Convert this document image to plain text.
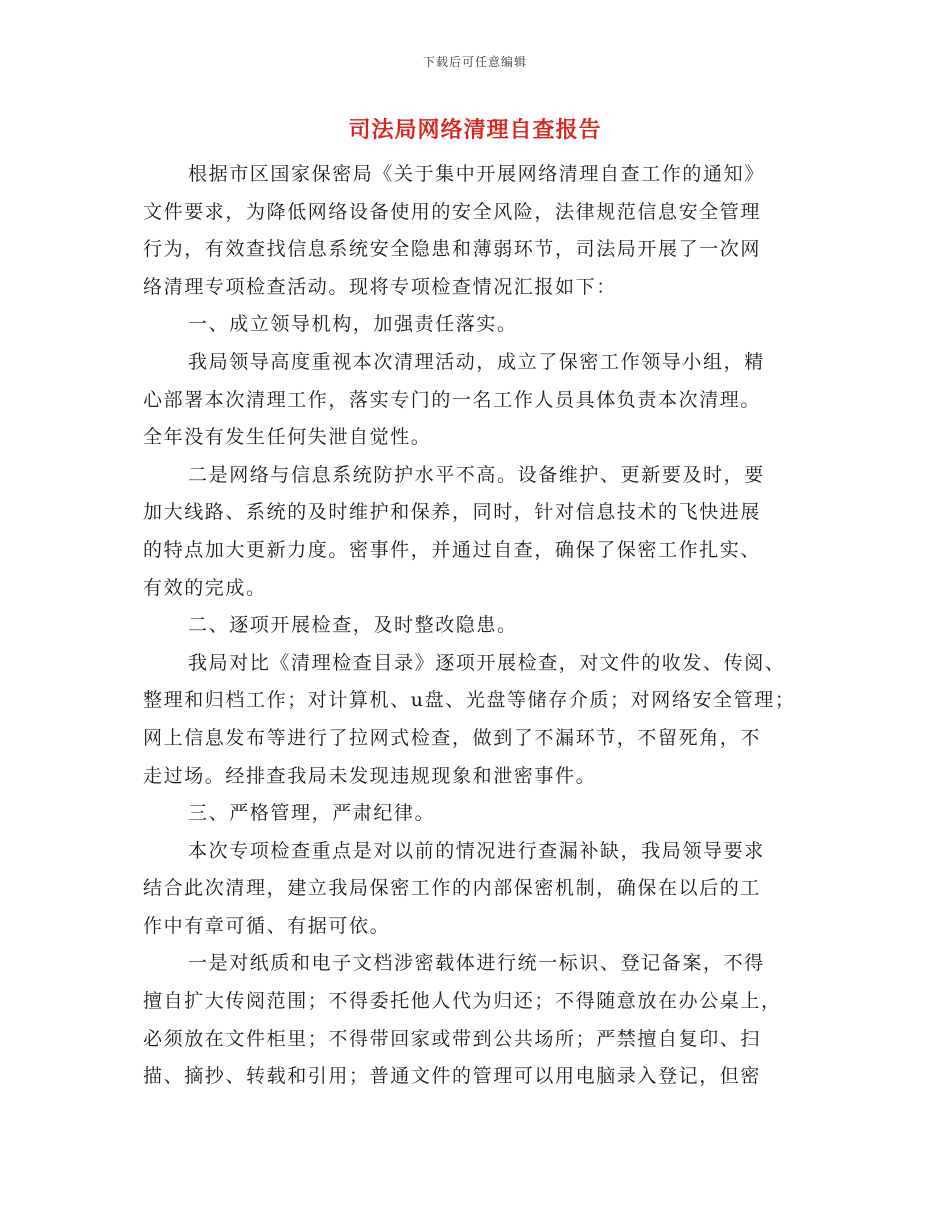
下载后可任意编辑
司法局网络清理自查报告
根据市区国家保密局《关于集中开展网络清理自查工作的通知》
文件要求，为降低网络设备使用的安全风险，法律规范信息安全管理
行为，有效查找信息系统安全隐患和薄弱环节，司法局开展了一次网
络清理专项检查活动。现将专项检查情况汇报如下：
一、成立领导机构，加强责任落实。
我局领导高度重视本次清理活动，成立了保密工作领导小组，精
心部署本次清理工作，落实专门的一名工作人员具体负责本次清理。
全年没有发生任何失泄自觉性。
二是网络与信息系统防护水平不高。设备维护、更新要及时，要
加大线路、系统的及时维护和保养，同时，针对信息技术的飞快进展
的特点加大更新力度。密事件，并通过自查，确保了保密工作扎实、
有效的完成。
二、逐项开展检查，及时整改隐患。
我局对比《清理检查目录》逐项开展检查，对文件的收发、传阅、
整理和归档工作；对计算机、u盘、光盘等储存介质；对网络安全管理；
网上信息发布等进行了拉网式检查，做到了不漏环节，不留死角，不
走过场。经排查我局未发现违规现象和泄密事件。
三、严格管理，严肃纪律。
本次专项检查重点是对以前的情况进行查漏补缺，我局领导要求
结合此次清理，建立我局保密工作的内部保密机制，确保在以后的工
作中有章可循、有据可依。
一是对纸质和电子文档涉密载体进行统一标识、登记备案，不得
擅自扩大传阅范围；不得委托他人代为归还；不得随意放在办公桌上，
必须放在文件柜里；不得带回家或带到公共场所；严禁擅自复印、扫
描、摘抄、转载和引用；普通文件的管理可以用电脑录入登记，但密
